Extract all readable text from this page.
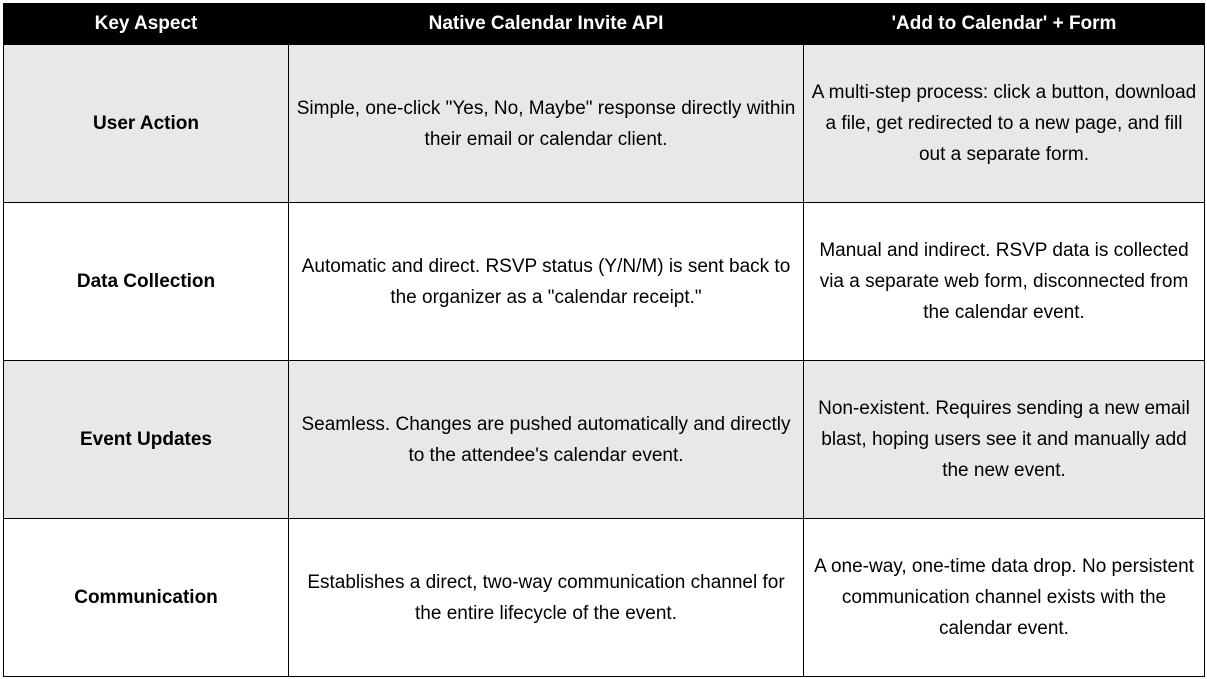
Key Aspect	Native Calendar Invite API	'Add to Calendar' + Form
User Action	Simple, one-click "Yes, No, Maybe" response directly within their email or calendar client.	A multi-step process: click a button, download a file, get redirected to a new page, and fill out a separate form.
Data Collection	Automatic and direct. RSVP status (Y/N/M) is sent back to the organizer as a "calendar receipt."	Manual and indirect. RSVP data is collected via a separate web form, disconnected from the calendar event.
Event Updates	Seamless. Changes are pushed automatically and directly to the attendee's calendar event.	Non-existent. Requires sending a new email blast, hoping users see it and manually add the new event.
Communication	Establishes a direct, two-way communication channel for the entire lifecycle of the event.	A one-way, one-time data drop. No persistent communication channel exists with the calendar event.
